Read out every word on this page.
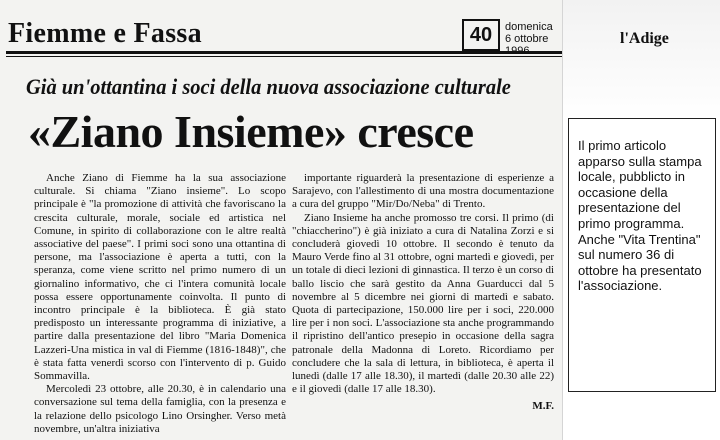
Fiemme e Fassa	40	domenica
6 ottobre
Già un'ottantina i soci della nuova associazione culturale
«Ziano Insieme» cresce

Anche Ziano di Fiemme ha la sua associazione culturale. Si chiama "Ziano insieme". Lo scopo principale è "la promozione di attività che favoriscano la crescita culturale, morale, sociale ed artistica nel Comune, in spirito di collaborazione con le altre realtà associative del paese". I primi soci sono una ottantina di persone, ma l'associazione è aperta a tutti, con la speranza, come viene scritto nel primo numero di un giornalino informativo, che ci l'intera comunità locale possa essere opportunamente coinvolta. Il punto di incontro principale è la biblioteca. È già stato predisposto un interessante programma di iniziative, a partire dalla presentazione del libro "Maria Domenica Lazzeri-Una mistica in val di Fiemme (1816-1848)", che è stata fatta venerdì scorso con l'intervento di p. Guido Sommavilla.

Mercoledì 23 ottobre, alle 20.30, è in calendario una conversazione sul tema della famiglia, con la presenza e la relazione dello psicologo Lino Orsingher. Verso metà novembre, un'altra iniziativa

importante riguarderà la presentazione di esperienze a Sarajevo, con l'allestimento di una mostra documentazione a cura del gruppo "Mir/Do/Neba" di Trento.

Ziano Insieme ha anche promosso tre corsi. Il primo (di "chiaccherino") è già iniziato a cura di Natalina Zorzi e si concluderà giovedì 10 ottobre. Il secondo è tenuto da Mauro Verde fino al 31 ottobre, ogni martedì e giovedì, per un totale di dieci lezioni di ginnastica. Il terzo è un corso di ballo liscio che sarà gestito da Anna Guarducci dal 5 novembre al 5 dicembre nei giorni di martedì e sabato. Quota di partecipazione, 150.000 lire per i soci, 220.000 lire per i non soci. L'associazione sta anche programmando il ripristino dell'antico presepio in occasione della sagra patronale della Madonna di Loreto. Ricordiamo per concludere che la sala di lettura, in biblioteca, è aperta il lunedì (dalle 17 alle 18.30), il martedì (dalle 20.30 alle 22) e il giovedì (dalle 17 alle 18.30).

M.F.
l'Adige
Il primo articolo apparso sulla stampa locale, pubblicto in occasione della presentazione del primo programma. Anche "Vita Trentina" sul numero 36 di ottobre ha presentato l'associazione.
